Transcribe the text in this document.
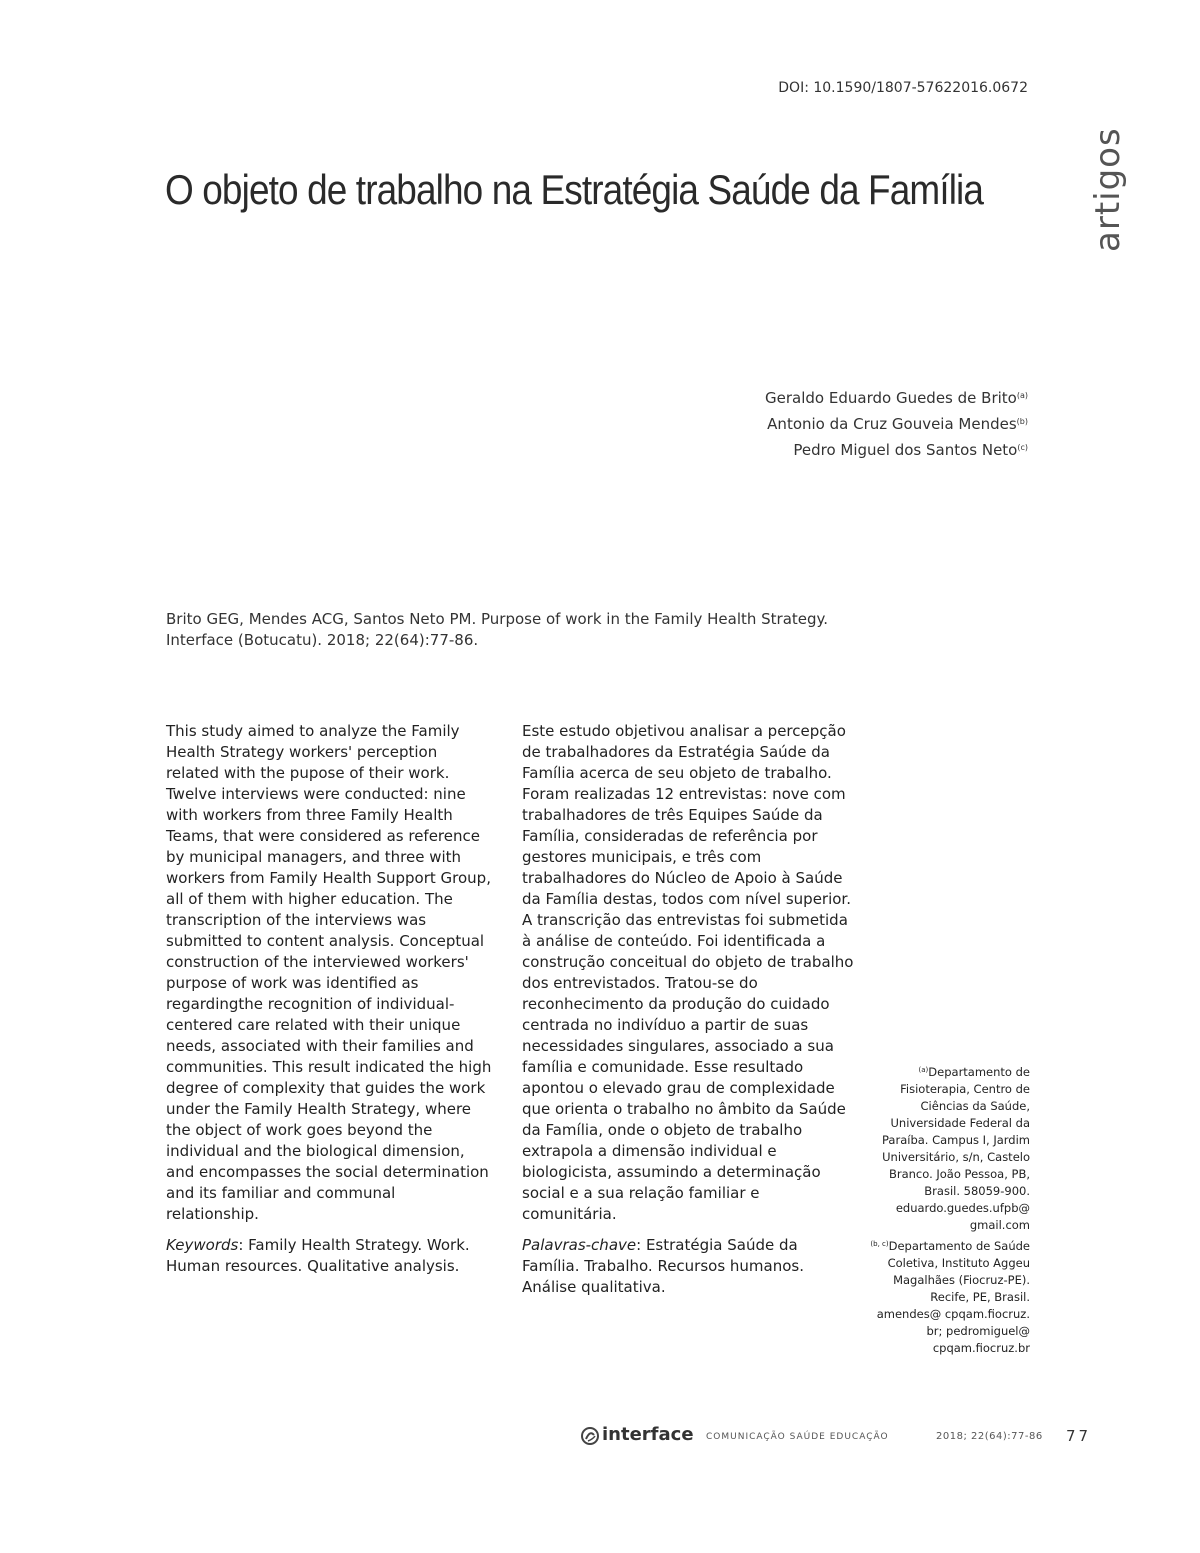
DOI: 10.1590/1807-57622016.0672
O objeto de trabalho na Estratégia Saúde da Família	artigos
Geraldo Eduardo Guedes de Brito$^{(a)}$
Antonio da Cruz Gouveia Mendes$^{(b)}$
Pedro Miguel dos Santos Neto$^{(c)}$
Brito GEG, Mendes ACG, Santos Neto PM. Purpose of work in the Family Health Strategy. Interface (Botucatu). 2018; 22(64):77-86.

This study aimed to analyze the Family Health Strategy workers' perception related with the pupose of their work. Twelve interviews were conducted: nine with workers from three Family Health Teams, that were considered as reference by municipal managers, and three with workers from Family Health Support Group, all of them with higher education. The transcription of the interviews was submitted to content analysis. Conceptual construction of the interviewed workers' purpose of work was identified as regardingthe recognition of individual-centered care related with their unique needs, associated with their families and communities. This result indicated the high degree of complexity that guides the work under the Family Health Strategy, where the object of work goes beyond the individual and the biological dimension, and encompasses the social determination and its familiar and communal relationship.

Keywords: Family Health Strategy. Work. Human resources. Qualitative analysis.

Este estudo objetivou analisar a percepção de trabalhadores da Estratégia Saúde da Família acerca de seu objeto de trabalho. Foram realizadas 12 entrevistas: nove com trabalhadores de três Equipes Saúde da Família, consideradas de referência por gestores municipais, e três com trabalhadores do Núcleo de Apoio à Saúde da Família destas, todos com nível superior. A transcrição das entrevistas foi submetida à análise de conteúdo. Foi identificada a construção conceitual do objeto de trabalho dos entrevistados. Tratou-se do reconhecimento da produção do cuidado centrada no indivíduo a partir de suas necessidades singulares, associado a sua família e comunidade. Esse resultado apontou o elevado grau de complexidade que orienta o trabalho no âmbito da Saúde da Família, onde o objeto de trabalho extrapola a dimensão individual e biologicista, assumindo a determinação social e a sua relação familiar e comunitária.

Palavras-chave: Estratégia Saúde da Família. Trabalho. Recursos humanos. Análise qualitativa.

$^{(a)}$Departamento de Fisioterapia, Centro de Ciências da Saúde, Universidade Federal da Paraíba. Campus I, Jardim Universitário, s/n, Castelo Branco. João Pessoa, PB, Brasil. 58059-900. eduardo.guedes.ufpb@ gmail.com

$^{(b, c)}$Departamento de Saúde Coletiva, Instituto Aggeu Magalhães (Fiocruz-PE). Recife, PE, Brasil. amendes@ cpqam.fiocruz. br; pedromiguel@ cpqam.fiocruz.br

interface COMUNICAÇÃO SAÚDE EDUCAÇÃO	2018; 22(64):77-86 77
